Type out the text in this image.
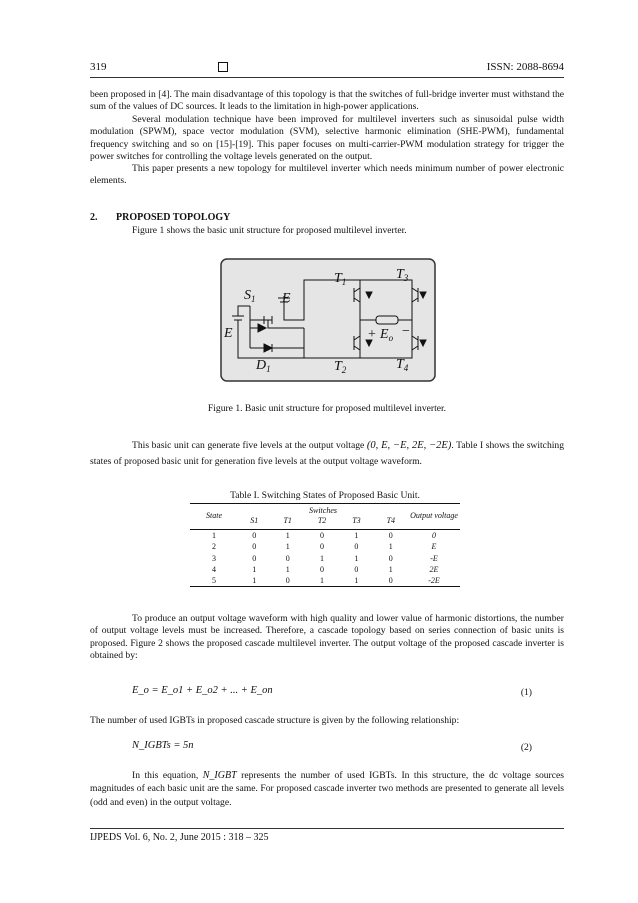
319	ISSN: 2088-8694
been proposed in [4]. The main disadvantage of this topology is that the switches of full-bridge inverter must withstand the sum of the values of DC sources. It leads to the limitation in high-power applications.
Several modulation technique have been improved for multilevel inverters such as sinusoidal pulse width modulation (SPWM), space vector modulation (SVM), selective harmonic elimination (SHE-PWM), fundamental frequency switching and so on [15]-[19]. This paper focuses on multi-carrier-PWM modulation strategy for trigger the power switches for controlling the voltage levels generated on the output.
This paper presents a new topology for multilevel inverter which needs minimum number of power electronic elements.
2. PROPOSED TOPOLOGY
Figure 1 shows the basic unit structure for proposed multilevel inverter.
$S_1$ E
E
$D_1$
$T_1$
$T_2$
$T_3$
$T_4$
+ $E_o$ −
Figure 1. Basic unit structure for proposed multilevel inverter.
This basic unit can generate five levels at the output voltage (0, E, −E, 2E, −2E). Table I shows the switching states of proposed basic unit for generation five levels at the output voltage waveform.
Table I. Switching States of Proposed Basic Unit.
State	Switches					Output voltage
	S1	T1	T2	T3	T4	

1	0	1	0	1	0	0
2	0	1	0	0	1	E
3	0	0	1	1	0	-E
4	1	1	0	0	1	2E
5	1	0	1	1	0	-2E
To produce an output voltage waveform with high quality and lower value of harmonic distortions, the number of output voltage levels must be increased. Therefore, a cascade topology based on series connection of basic units is proposed. Figure 2 shows the proposed cascade multilevel inverter. The output voltage of the proposed cascade inverter is obtained by:
E_o = E_o1 + E_o2 + ... + E_on	(1)
The number of used IGBTs in proposed cascade structure is given by the following relationship:
N_IGBTs = 5n	(2)
In this equation, N_IGBT represents the number of used IGBTs. In this structure, the dc voltage sources magnitudes of each basic unit are the same. For proposed cascade inverter two methods are presented to generate all levels (odd and even) in the output voltage.
IJPEDS Vol. 6, No. 2, June 2015 : 318 – 325
